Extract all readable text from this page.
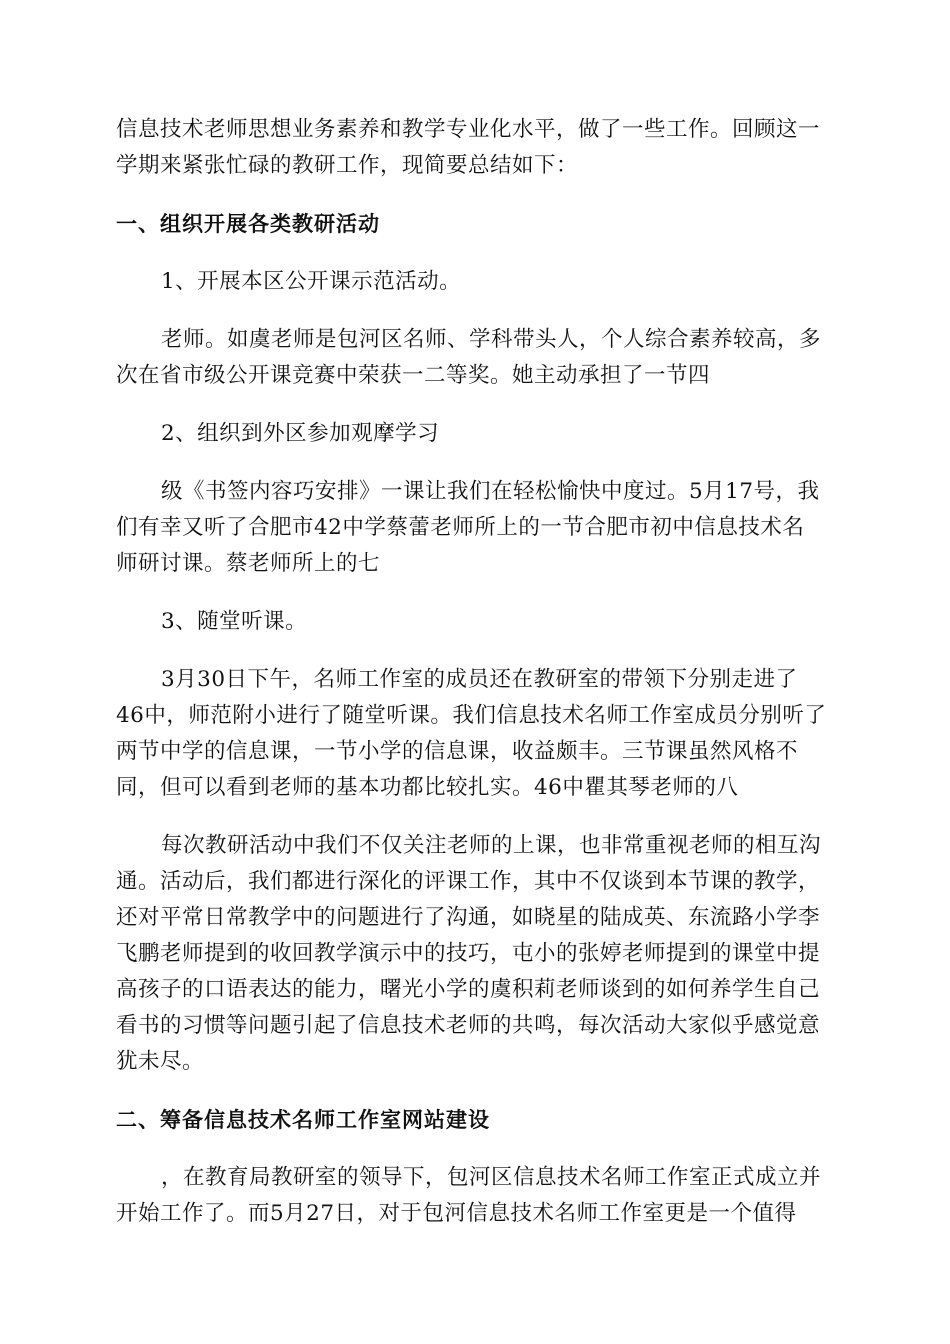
信息技术老师思想业务素养和教学专业化水平，做了一些工作。回顾这一
学期来紧张忙碌的教研工作，现简要总结如下：

一、组织开展各类教研活动

1、开展本区公开课示范活动。

老师。如虞老师是包河区名师、学科带头人，个人综合素养较高，多
次在省市级公开课竞赛中荣获一二等奖。她主动承担了一节四

2、组织到外区参加观摩学习

级《书签内容巧安排》一课让我们在轻松愉快中度过。5月17号，我
们有幸又听了合肥市42中学蔡蕾老师所上的一节合肥市初中信息技术名
师研讨课。蔡老师所上的七

3、随堂听课。

3月30日下午，名师工作室的成员还在教研室的带领下分别走进了
46中，师范附小进行了随堂听课。我们信息技术名师工作室成员分别听了
两节中学的信息课，一节小学的信息课，收益颇丰。三节课虽然风格不
同，但可以看到老师的基本功都比较扎实。46中瞿其琴老师的八

每次教研活动中我们不仅关注老师的上课，也非常重视老师的相互沟
通。活动后，我们都进行深化的评课工作，其中不仅谈到本节课的教学，
还对平常日常教学中的问题进行了沟通，如晓星的陆成英、东流路小学李
飞鹏老师提到的收回教学演示中的技巧，屯小的张婷老师提到的课堂中提
高孩子的口语表达的能力，曙光小学的虞积莉老师谈到的如何养学生自己
看书的习惯等问题引起了信息技术老师的共鸣，每次活动大家似乎感觉意
犹未尽。

二、筹备信息技术名师工作室网站建设

，在教育局教研室的领导下，包河区信息技术名师工作室正式成立并
开始工作了。而5月27日，对于包河信息技术名师工作室更是一个值得
